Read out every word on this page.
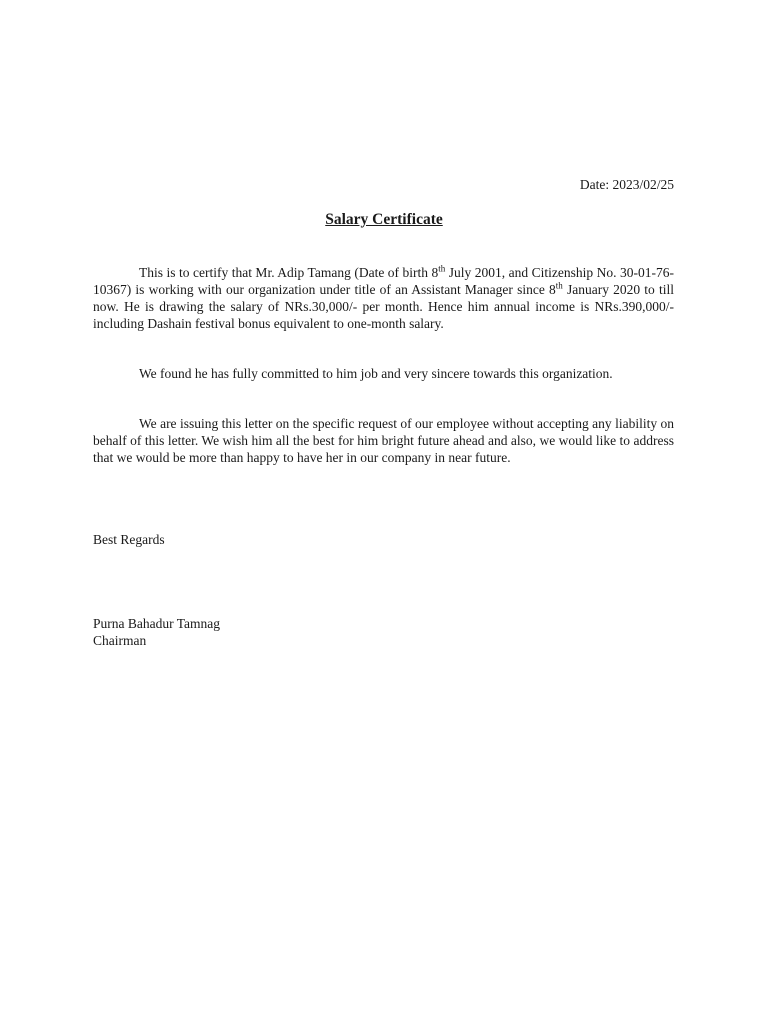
Date: 2023/02/25
Salary Certificate
This is to certify that Mr. Adip Tamang (Date of birth 8th July 2001, and Citizenship No. 30-01-76-10367) is working with our organization under title of an Assistant Manager since 8th January 2020 to till now. He is drawing the salary of NRs.30,000/- per month. Hence him annual income is NRs.390,000/- including Dashain festival bonus equivalent to one-month salary.
We found he has fully committed to him job and very sincere towards this organization.
We are issuing this letter on the specific request of our employee without accepting any liability on behalf of this letter. We wish him all the best for him bright future ahead and also, we would like to address that we would be more than happy to have her in our company in near future.
Best Regards
Purna Bahadur Tamnag
Chairman
